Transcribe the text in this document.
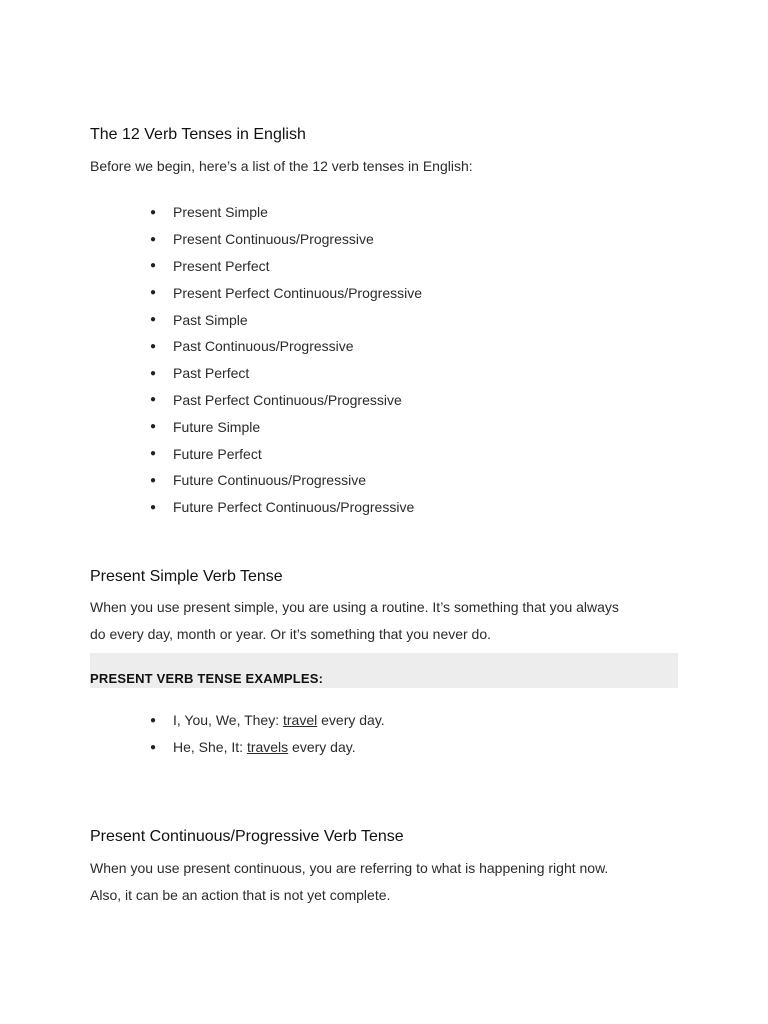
The 12 Verb Tenses in English

Before we begin, here’s a list of the 12 verb tenses in English:

●	Present Simple
●	Present Continuous/Progressive
●	Present Perfect
●	Present Perfect Continuous/Progressive
●	Past Simple
●	Past Continuous/Progressive
●	Past Perfect
●	Past Perfect Continuous/Progressive
●	Future Simple
●	Future Perfect
●	Future Continuous/Progressive
●	Future Perfect Continuous/Progressive
Present Simple Verb Tense

When you use present simple, you are using a routine. It’s something that you always

do every day, month or year. Or it’s something that you never do.

PRESENT VERB TENSE EXAMPLES:
●	I, You, We, They: travel every day.
●	He, She, It: travels every day.
Present Continuous/Progressive Verb Tense

When you use present continuous, you are referring to what is happening right now.

Also, it can be an action that is not yet complete.
